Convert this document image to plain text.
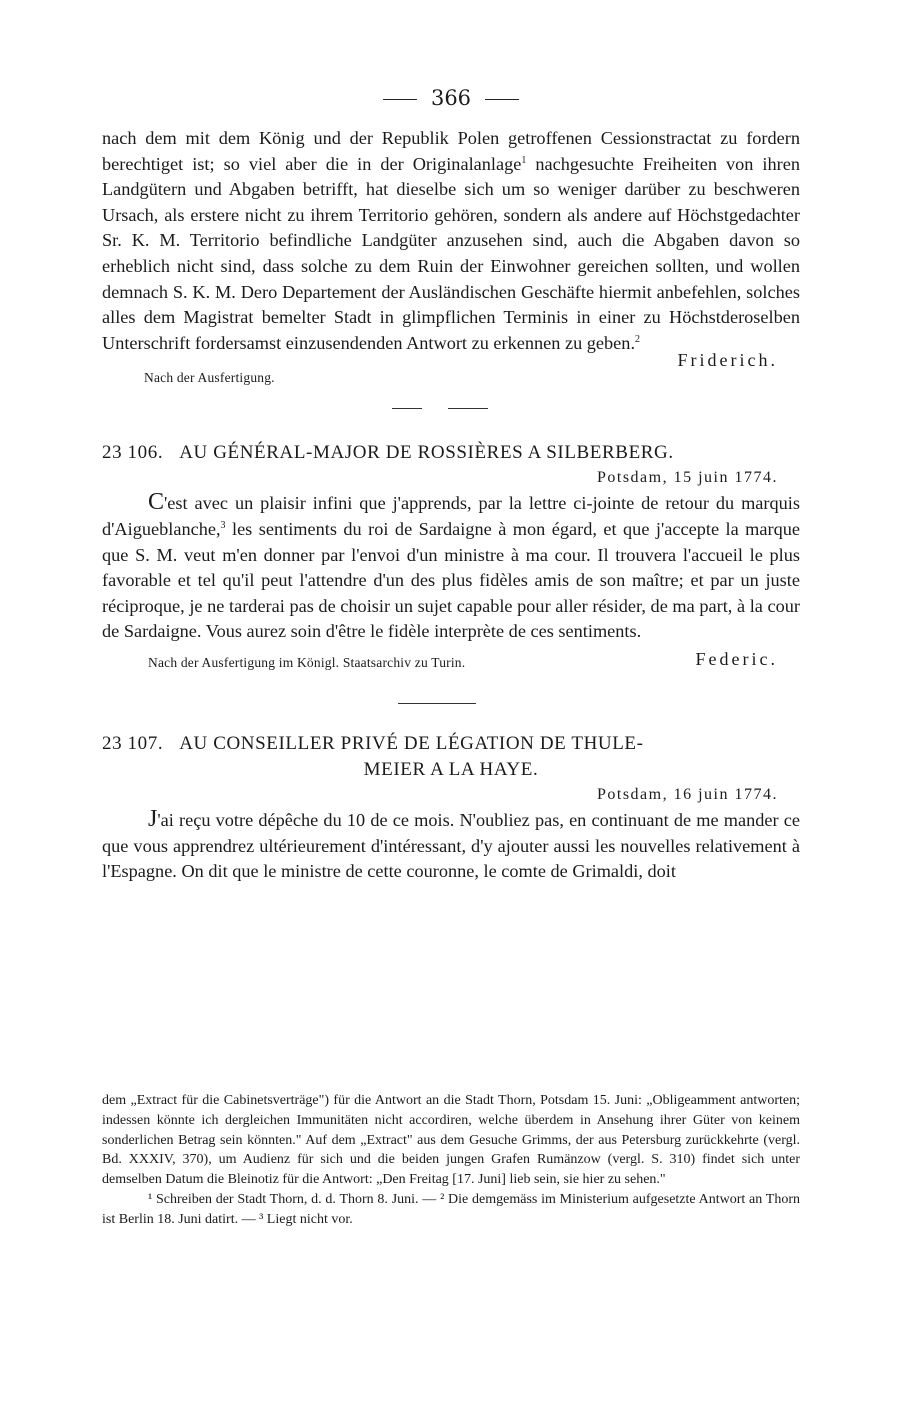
366

nach dem mit dem König und der Republik Polen getroffenen Cessionstractat zu fordern berechtiget ist; so viel aber die in der Originalanlage$^1$ nachgesuchte Freiheiten von ihren Landgütern und Abgaben betrifft, hat dieselbe sich um so weniger darüber zu beschweren Ursach, als erstere nicht zu ihrem Territorio gehören, sondern als andere auf Höchstgedachter Sr. K. M. Territorio befindliche Landgüter anzusehen sind, auch die Abgaben davon so erheblich nicht sind, dass solche zu dem Ruin der Einwohner gereichen sollten, und wollen demnach S. K. M. Dero Departement der Ausländischen Geschäfte hiermit anbefehlen, solches alles dem Magistrat bemelter Stadt in glimpflichen Terminis in einer zu Höchstderoselben Unterschrift fordersamst einzusendenden Antwort zu erkennen zu geben.$^2$

Nach der Ausfertigung.
Friderich.
23 106. AU GÉNÉRAL-MAJOR DE ROSSIÈRES A SILBERBERG.
Potsdam, 15 juin 1774.

C'est avec un plaisir infini que j'apprends, par la lettre ci-jointe de retour du marquis d'Aigueblanche,$^3$ les sentiments du roi de Sardaigne à mon égard, et que j'accepte la marque que S. M. veut m'en donner par l'envoi d'un ministre à ma cour. Il trouvera l'accueil le plus favorable et tel qu'il peut l'attendre d'un des plus fidèles amis de son maître; et par un juste réciproque, je ne tarderai pas de choisir un sujet capable pour aller résider, de ma part, à la cour de Sardaigne. Vous aurez soin d'être le fidèle interprète de ces sentiments.

Nach der Ausfertigung im Königl. Staatsarchiv zu Turin.	Federic.
23 107. AU CONSEILLER PRIVÉ DE LÉGATION DE THULE-
MEIER A LA HAYE.
Potsdam, 16 juin 1774.

J'ai reçu votre dépêche du 10 de ce mois. N'oubliez pas, en continuant de me mander ce que vous apprendrez ultérieurement d'intéressant, d'y ajouter aussi les nouvelles relativement à l'Espagne. On dit que le ministre de cette couronne, le comte de Grimaldi, doit

dem „Extract für die Cabinetsverträge") für die Antwort an die Stadt Thorn, Potsdam 15. Juni: „Obligeamment antworten; indessen könnte ich dergleichen Immunitäten nicht accordiren, welche überdem in Ansehung ihrer Güter von keinem sonderlichen Betrag sein könnten." Auf dem „Extract" aus dem Gesuche Grimms, der aus Petersburg zurückkehrte (vergl. Bd. XXXIV, 370), um Audienz für sich und die beiden jungen Grafen Rumänzow (vergl. S. 310) findet sich unter demselben Datum die Bleinotiz für die Antwort: „Den Freitag [17. Juni] lieb sein, sie hier zu sehen."

¹ Schreiben der Stadt Thorn, d. d. Thorn 8. Juni. — ² Die demgemäss im Ministerium aufgesetzte Antwort an Thorn ist Berlin 18. Juni datirt. — ³ Liegt nicht vor.
